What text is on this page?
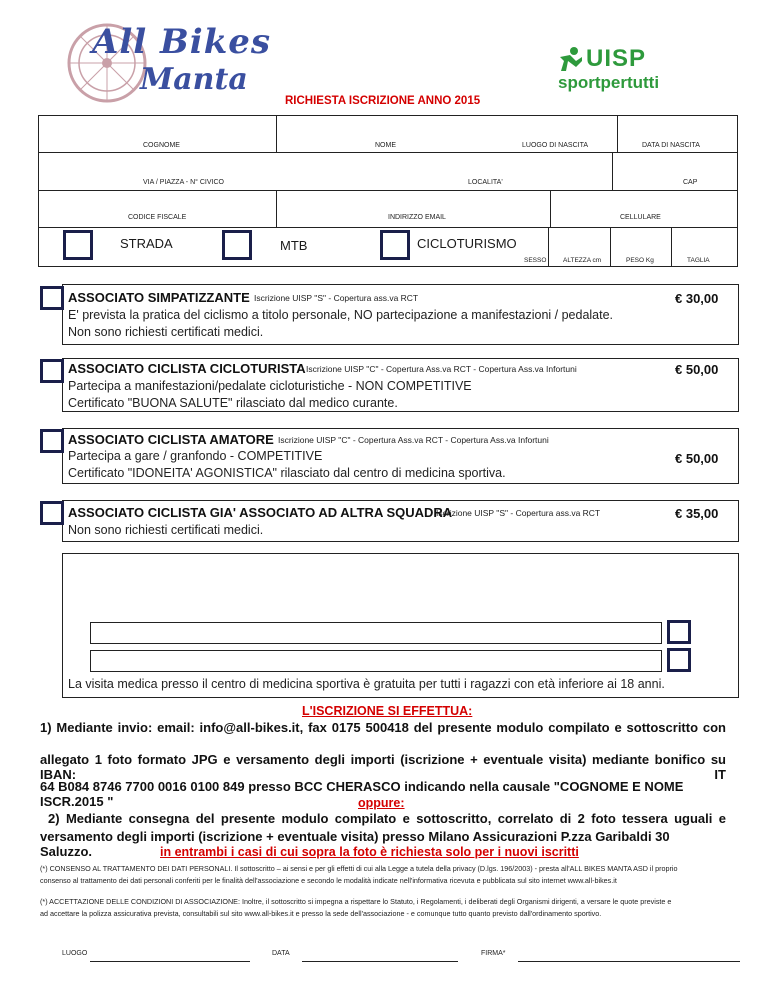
All Bikes
Manta
UISP
sportpertutti
RICHIESTA ISCRIZIONE ANNO 2015
COGNOME	NOME	LUOGO DI NASCITA	DATA DI NASCITA
VIA / PIAZZA - N° CIVICO	LOCALITA'	CAP
CODICE FISCALE	INDIRIZZO EMAIL	CELLULARE
STRADA	MTB	CICLOTURISMO
SESSO	ALTEZZA cm	PESO Kg	TAGLIA
ASSOCIATO SIMPATIZZANTE Iscrizione UISP "S" - Copertura ass.va RCT	€ 30,00
E' prevista la pratica del ciclismo a titolo personale, NO partecipazione a manifestazioni / pedalate.
Non sono richiesti certificati medici.
ASSOCIATO CICLISTA CICLOTURISTA Iscrizione UISP "C" - Copertura Ass.va RCT - Copertura Ass.va Infortuni	€ 50,00
Partecipa a manifestazioni/pedalate cicloturistiche - NON COMPETITIVE
Certificato "BUONA SALUTE" rilasciato dal medico curante.
ASSOCIATO CICLISTA AMATORE Iscrizione UISP "C" - Copertura Ass.va RCT - Copertura Ass.va Infortuni
Partecipa a gare / granfondo - COMPETITIVE	€ 50,00
Certificato "IDONEITA' AGONISTICA" rilasciato dal centro di medicina sportiva.
ASSOCIATO CICLISTA GIA' ASSOCIATO AD ALTRA SQUADRA
Iscrizione UISP "S" - Copertura ass.va RCT	€ 35,00
Non sono richiesti certificati medici.
La visita medica presso il centro di medicina sportiva è gratuita per tutti i ragazzi con età inferiore ai 18 anni.
L'ISCRIZIONE SI EFFETTUA:
1) Mediante invio: email: info@all-bikes.it, fax 0175 500418 del presente modulo compilato e sottoscritto con
allegato 1 foto formato JPG e versamento degli importi (iscrizione + eventuale visita) mediante bonifico su IBAN: IT
64 B084 8746 7700 0016 0100 849 presso BCC CHERASCO indicando nella causale "COGNOME E NOME ISCR.2015 "	oppure:
2) Mediante consegna del presente modulo compilato e sottoscritto, correlato di 2 foto tessera uguali e
versamento degli importi (iscrizione + eventuale visita) presso Milano Assicurazioni P.zza Garibaldi 30 Saluzzo.	in entrambi i casi di cui sopra la foto è richiesta solo per i nuovi iscritti
(*) CONSENSO AL TRATTAMENTO DEI DATI PERSONALI. Il sottoscritto – ai sensi e per gli effetti di cui alla Legge a tutela della privacy (D.lgs. 196/2003) - presta all'ALL BIKES MANTA ASD il proprio
consenso al trattamento dei dati personali conferiti per le finalità dell'associazione e secondo le modalità indicate nell'informativa ricevuta e pubblicata sul sito internet www.all-bikes.it
(*) ACCETTAZIONE DELLE CONDIZIONI DI ASSOCIAZIONE: Inoltre, il sottoscritto si impegna a rispettare lo Statuto, i Regolamenti, i deliberati degli Organismi dirigenti, a versare le quote previste e
ad accettare la polizza assicurativa prevista, consultabili sul sito www.all-bikes.it e presso la sede dell'associazione - e comunque tutto quanto previsto dall'ordinamento sportivo.
LUOGO	DATA	FIRMA*
